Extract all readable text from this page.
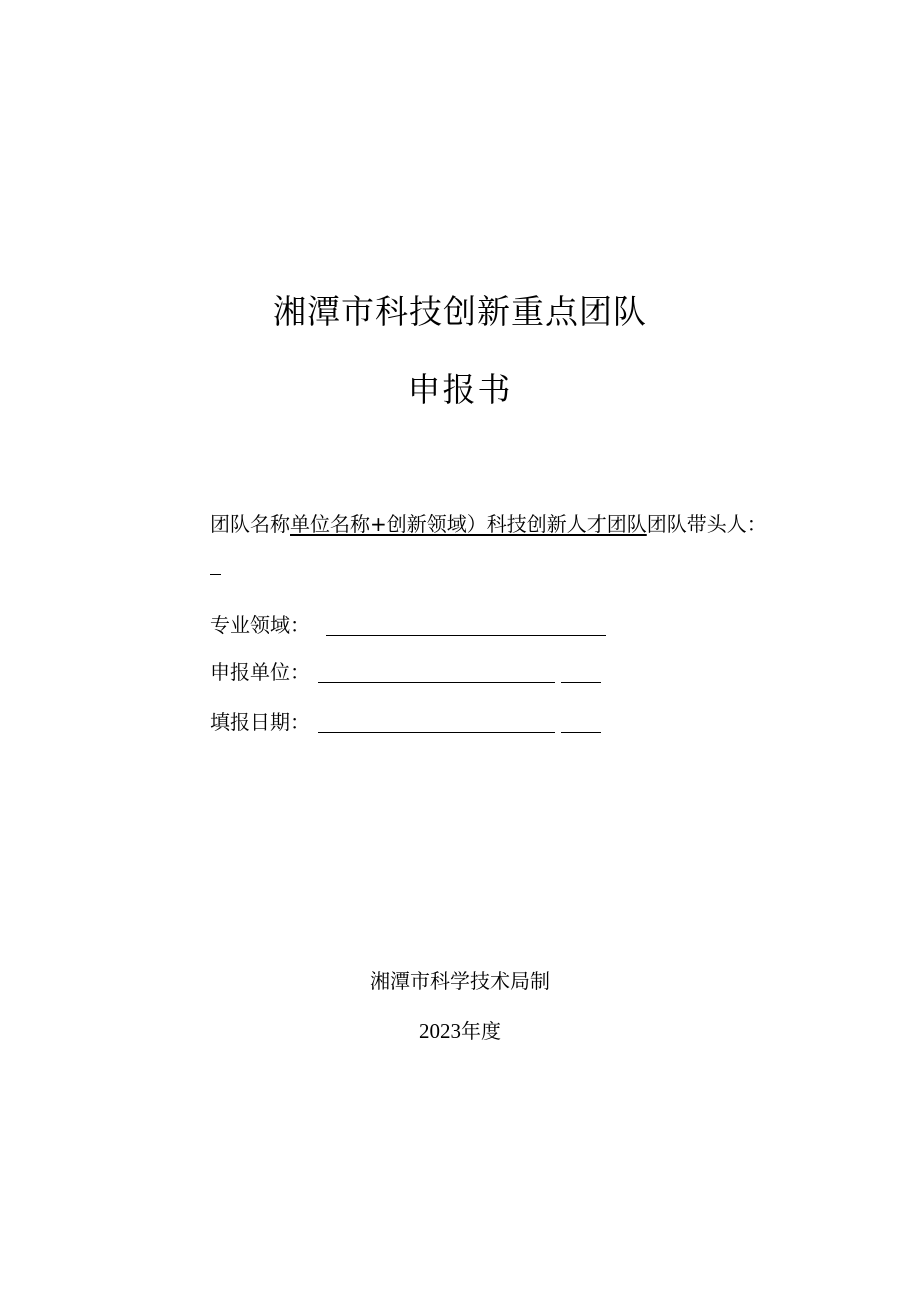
湘潭市科技创新重点团队
申报书
团队名称单位名称+创新领域）科技创新人才团队团队带头人：
专业领域：
申报单位：
填报日期：
湘潭市科学技术局制
2023年度
